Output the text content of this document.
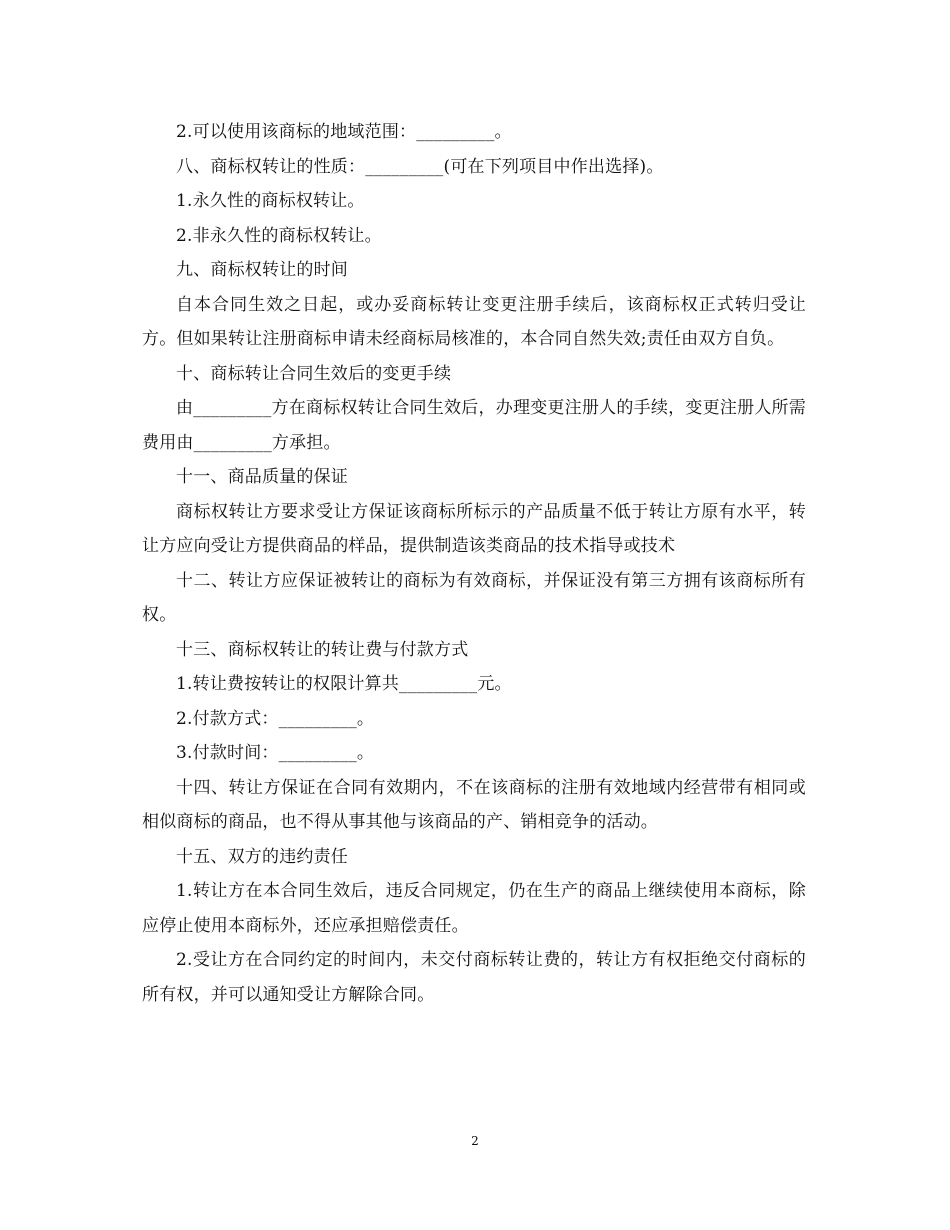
2.可以使用该商标的地域范围：_________。

八、商标权转让的性质：_________(可在下列项目中作出选择)。

1.永久性的商标权转让。

2.非永久性的商标权转让。

九、商标权转让的时间

自本合同生效之日起，或办妥商标转让变更注册手续后，该商标权正式转归受让方。但如果转让注册商标申请未经商标局核准的，本合同自然失效;责任由双方自负。

十、商标转让合同生效后的变更手续

由_________方在商标权转让合同生效后，办理变更注册人的手续，变更注册人所需费用由_________方承担。

十一、商品质量的保证

商标权转让方要求受让方保证该商标所标示的产品质量不低于转让方原有水平，转让方应向受让方提供商品的样品，提供制造该类商品的技术指导或技术

十二、转让方应保证被转让的商标为有效商标，并保证没有第三方拥有该商标所有权。

十三、商标权转让的转让费与付款方式

1.转让费按转让的权限计算共_________元。

2.付款方式：_________。

3.付款时间：_________。

十四、转让方保证在合同有效期内，不在该商标的注册有效地域内经营带有相同或相似商标的商品，也不得从事其他与该商品的产、销相竞争的活动。

十五、双方的违约责任

1.转让方在本合同生效后，违反合同规定，仍在生产的商品上继续使用本商标，除应停止使用本商标外，还应承担赔偿责任。

2.受让方在合同约定的时间内，未交付商标转让费的，转让方有权拒绝交付商标的所有权，并可以通知受让方解除合同。

2
